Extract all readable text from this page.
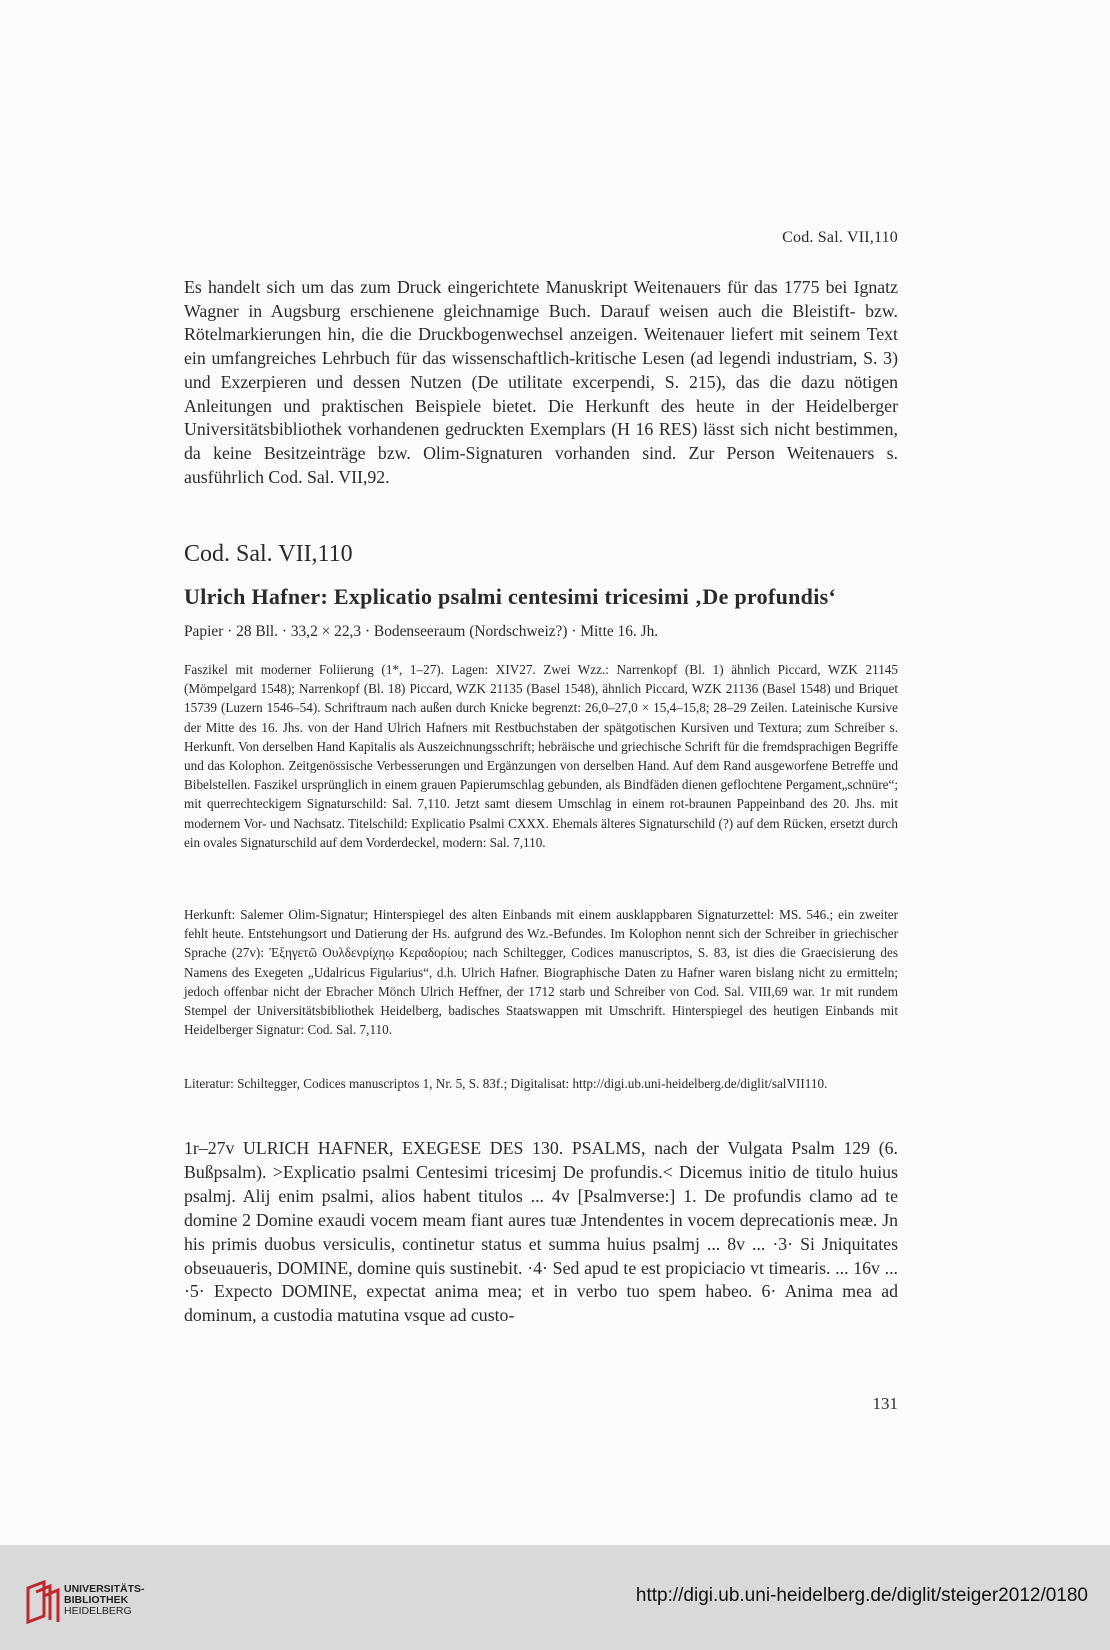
Cod. Sal. VII,110

Es handelt sich um das zum Druck eingerichtete Manuskript Weitenauers für das 1775 bei Ignatz Wagner in Augsburg erschienene gleichnamige Buch. Darauf weisen auch die Bleistift- bzw. Rötelmarkierungen hin, die die Druckbogenwechsel anzeigen. Weitenauer liefert mit seinem Text ein umfangreiches Lehrbuch für das wissenschaftlich-kritische Lesen (ad legendi industriam, S. 3) und Exzerpieren und dessen Nutzen (De utilitate excerpendi, S. 215), das die dazu nötigen Anleitungen und praktischen Beispiele bietet. Die Herkunft des heute in der Heidelberger Universitätsbibliothek vorhandenen gedruckten Exemplars (H 16 RES) lässt sich nicht bestimmen, da keine Besitzeinträge bzw. Olim-Signaturen vorhanden sind. Zur Person Weitenauers s. ausführlich Cod. Sal. VII,92.

Cod. Sal. VII,110
Ulrich Hafner: Explicatio psalmi centesimi tricesimi ‚De profundis‘

Papier · 28 Bll. · 33,2 × 22,3 · Bodenseeraum (Nordschweiz?) · Mitte 16. Jh.

Faszikel mit moderner Foliierung (1*, 1–27). Lagen: XIV27. Zwei Wzz.: Narrenkopf (Bl. 1) ähnlich Piccard, WZK 21145 (Mömpelgard 1548); Narrenkopf (Bl. 18) Piccard, WZK 21135 (Basel 1548), ähnlich Piccard, WZK 21136 (Basel 1548) und Briquet 15739 (Luzern 1546–54). Schriftraum nach außen durch Knicke begrenzt: 26,0–27,0 × 15,4–15,8; 28–29 Zeilen. Lateinische Kursive der Mitte des 16. Jhs. von der Hand Ulrich Hafners mit Restbuchstaben der spätgotischen Kursiven und Textura; zum Schreiber s. Herkunft. Von derselben Hand Kapitalis als Auszeichnungsschrift; hebräische und griechische Schrift für die fremdsprachigen Begriffe und das Kolophon. Zeitgenössische Verbesserungen und Ergänzungen von derselben Hand. Auf dem Rand ausgeworfene Betreffe und Bibelstellen. Faszikel ursprünglich in einem grauen Papierumschlag gebunden, als Bindfäden dienen geflochtene Pergament„schnüre“; mit querrechteckigem Signaturschild: Sal. 7,110. Jetzt samt diesem Umschlag in einem rot-braunen Pappeinband des 20. Jhs. mit modernem Vor- und Nachsatz. Titelschild: Explicatio Psalmi CXXX. Ehemals älteres Signaturschild (?) auf dem Rücken, ersetzt durch ein ovales Signaturschild auf dem Vorderdeckel, modern: Sal. 7,110.

Herkunft: Salemer Olim-Signatur; Hinterspiegel des alten Einbands mit einem ausklappbaren Signaturzettel: MS. 546.; ein zweiter fehlt heute. Entstehungsort und Datierung der Hs. aufgrund des Wz.-Befundes. Im Kolophon nennt sich der Schreiber in griechischer Sprache (27v): Ἐξηγετῶ Ουλδενρίχηῳ Κεραδορίου; nach Schiltegger, Codices manuscriptos, S. 83, ist dies die Graecisierung des Namens des Exegeten „Udalricus Figularius“, d.h. Ulrich Hafner. Biographische Daten zu Hafner waren bislang nicht zu ermitteln; jedoch offenbar nicht der Ebracher Mönch Ulrich Heffner, der 1712 starb und Schreiber von Cod. Sal. VIII,69 war. 1r mit rundem Stempel der Universitätsbibliothek Heidelberg, badisches Staatswappen mit Umschrift. Hinterspiegel des heutigen Einbands mit Heidelberger Signatur: Cod. Sal. 7,110.

Literatur: Schiltegger, Codices manuscriptos 1, Nr. 5, S. 83f.; Digitalisat: http://digi.ub.uni-heidelberg.de/diglit/salVII110.

1r–27v ULRICH HAFNER, EXEGESE DES 130. PSALMS, nach der Vulgata Psalm 129 (6. Bußpsalm). >Explicatio psalmi Centesimi tricesimj De profundis.< Dicemus initio de titulo huius psalmj. Alij enim psalmi, alios habent titulos ... 4v [Psalmverse:] 1. De profundis clamo ad te domine 2 Domine exaudi vocem meam fiant aures tuæ Jntendentes in vocem deprecationis meæ. Jn his primis duobus versiculis, continetur status et summa huius psalmj ... 8v ... ·3· Si Jniquitates obseuaueris, DOMINE, domine quis sustinebit. ·4· Sed apud te est propiciacio vt timearis. ... 16v ... ·5· Expecto DOMINE, expectat anima mea; et in verbo tuo spem habeo. 6· Anima mea ad dominum, a custodia matutina vsque ad custo-

131
UNIVERSITÄTS-
BIBLIOTHEK
HEIDELBERG
http://digi.ub.uni-heidelberg.de/diglit/steiger2012/0180
